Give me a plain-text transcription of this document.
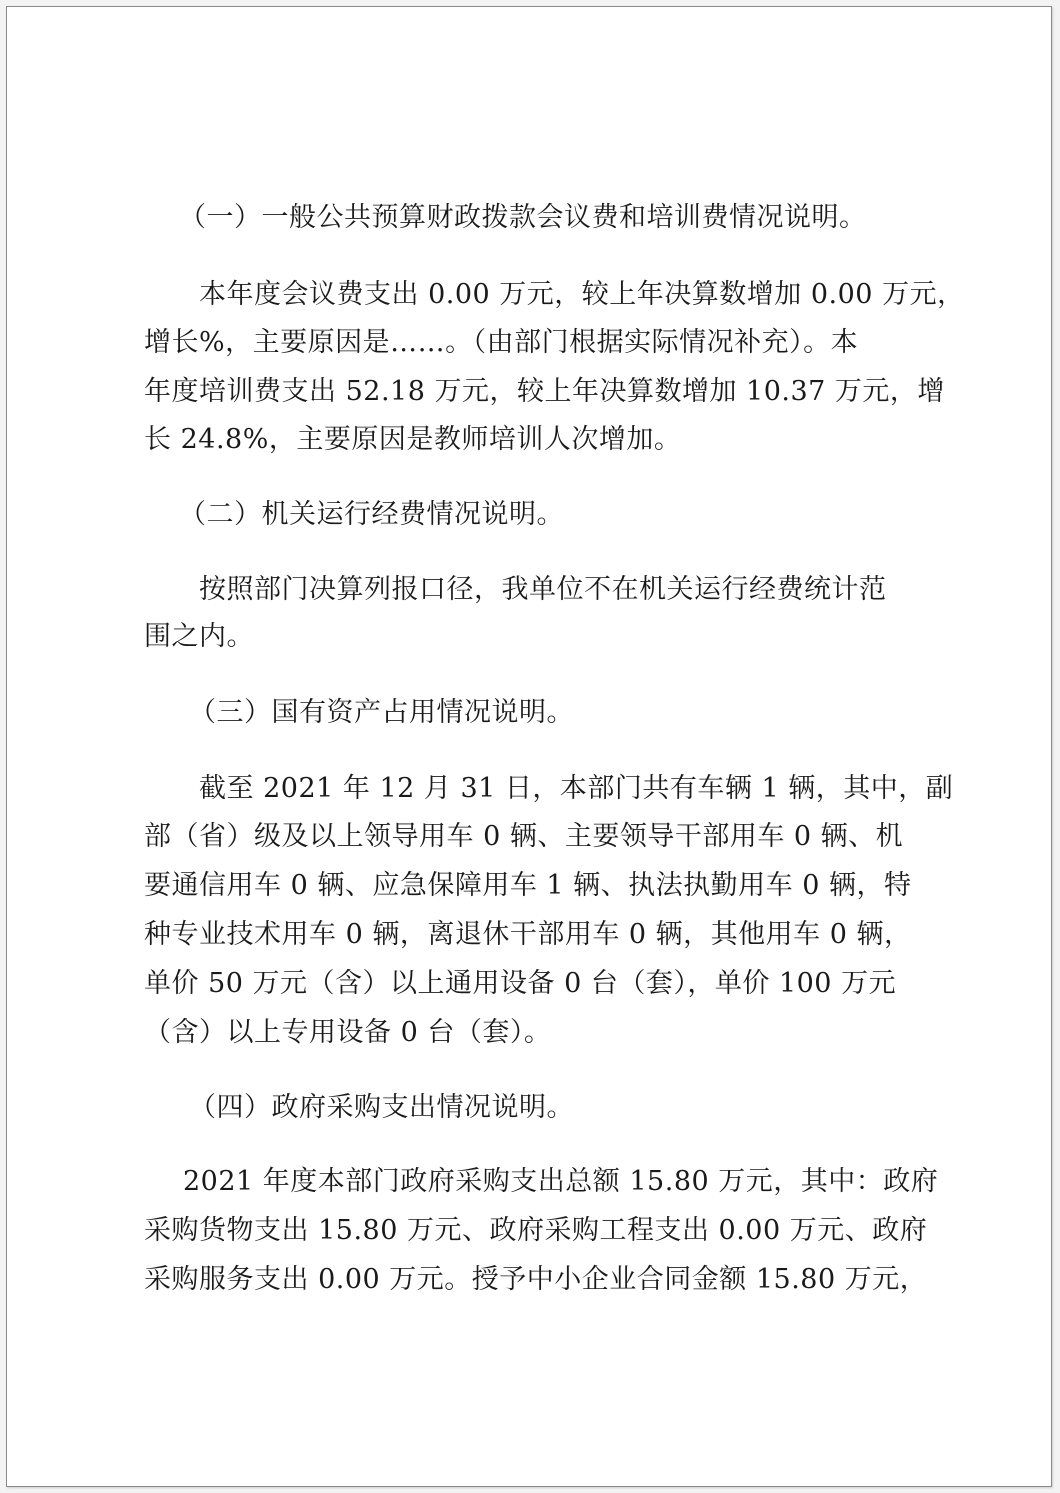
（一）一般公共预算财政拨款会议费和培训费情况说明。
本年度会议费支出 0.00 万元，较上年决算数增加 0.00 万元，
增长%，主要原因是……。（由部门根据实际情况补充）。本
年度培训费支出 52.18 万元，较上年决算数增加 10.37 万元，增
长 24.8%，主要原因是教师培训人次增加。
（二）机关运行经费情况说明。
按照部门决算列报口径，我单位不在机关运行经费统计范
围之内。
（三）国有资产占用情况说明。
截至 2021 年 12 月 31 日，本部门共有车辆 1 辆，其中，副
部（省）级及以上领导用车 0 辆、主要领导干部用车 0 辆、机
要通信用车 0 辆、应急保障用车 1 辆、执法执勤用车 0 辆，特
种专业技术用车 0 辆，离退休干部用车 0 辆，其他用车 0 辆，
单价 50 万元（含）以上通用设备 0 台（套），单价 100 万元
（含）以上专用设备 0 台（套）。
（四）政府采购支出情况说明。
2021 年度本部门政府采购支出总额 15.80 万元，其中：政府
采购货物支出 15.80 万元、政府采购工程支出 0.00 万元、政府
采购服务支出 0.00 万元。授予中小企业合同金额 15.80 万元，
